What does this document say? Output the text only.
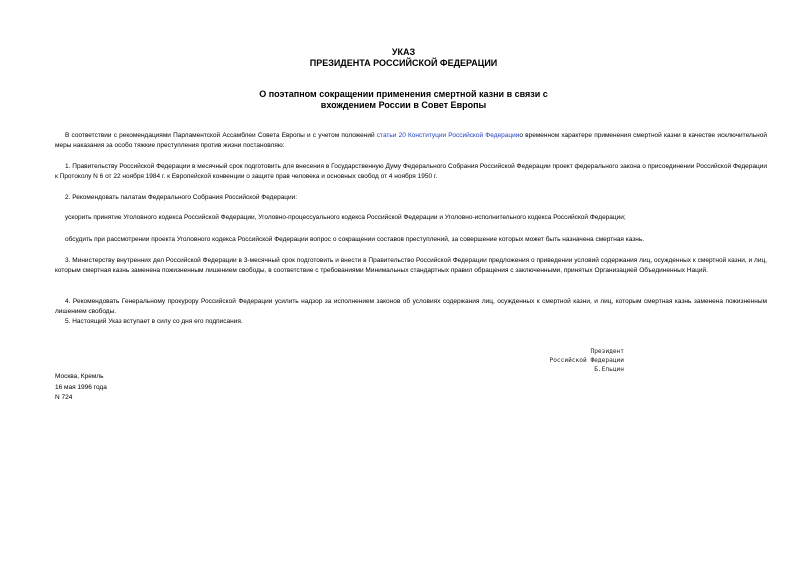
УКАЗ
ПРЕЗИДЕНТА РОССИЙСКОЙ ФЕДЕРАЦИИ
О поэтапном сокращении применения смертной казни в связи с
вхождением России в Совет Европы
В соответствии с рекомендациями Парламентской Ассамблеи Совета Европы и с учетом положений статьи 20 Конституции Российской Федерациио временном характере применения смертной казни в качестве исключительной меры наказания за особо тяжкие преступления против жизни постановляю:
1. Правительству Российской Федерации в месячный срок подготовить для внесения в Государственную Думу Федерального Собрания Российской Федерации проект федерального закона о присоединении Российской Федерации к Протоколу N 6 от 22 ноября 1984 г. к Европейской конвенции о защите прав человека и основных свобод от 4 ноября 1950 г.
2. Рекомендовать палатам Федерального Собрания Российской Федерации:
ускорить принятие Уголовного кодекса Российской Федерации, Уголовно-процессуального кодекса Российской Федерации и Уголовно-исполнительного кодекса Российской Федерации;
обсудить при рассмотрении проекта Уголовного кодекса Российской Федерации вопрос о сокращении составов преступлений, за совершение которых может быть назначена смертная казнь.
3. Министерству внутренних дел Российской Федерации в 3-месячный срок подготовить и внести в Правительство Российской Федерации предложения о приведении условий содержания лиц, осужденных к смертной казни, и лиц, которым смертная казнь заменена пожизненным лишением свободы, в соответствие с требованиями Минимальных стандартных правил обращения с заключенными, принятых Организацией Объединенных Наций.
4. Рекомендовать Генеральному прокурору Российской Федерации усилить надзор за исполнением законов об условиях содержания лиц, осужденных к смертной казни, и лиц, которым смертная казнь заменена пожизненным лишением свободы.
5. Настоящий Указ вступает в силу со дня его подписания.
Президент
Российской Федерации
Б.Ельцин
Москва, Кремль
16 мая 1996 года
N 724
